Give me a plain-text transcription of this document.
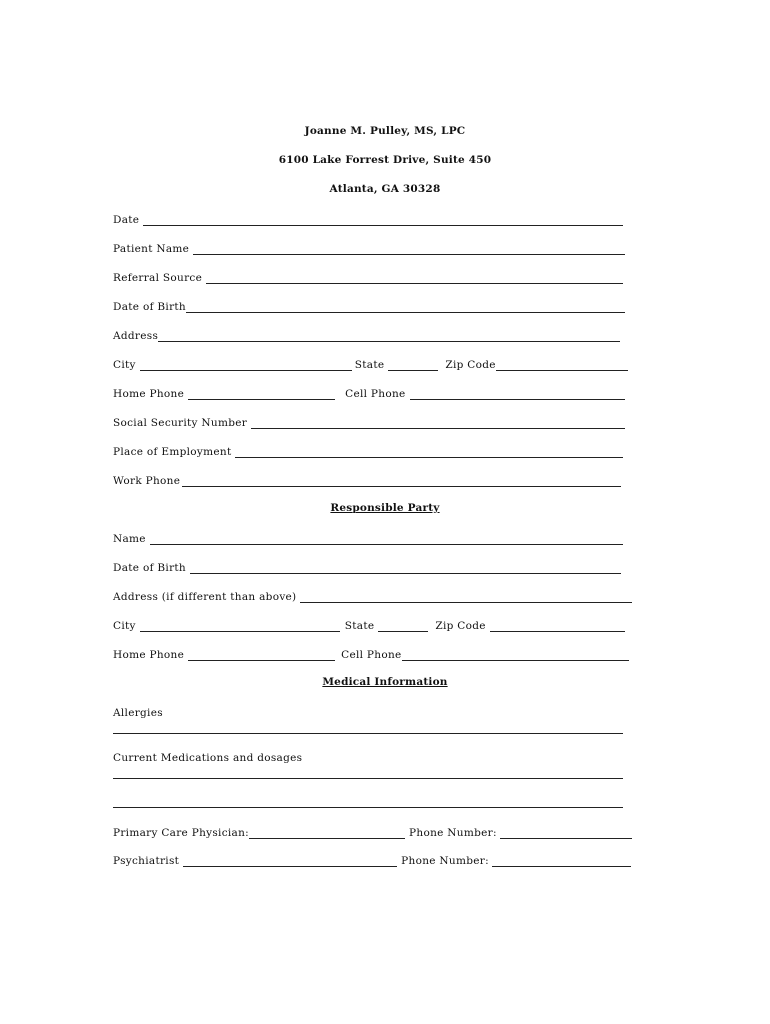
Joanne M. Pulley, MS, LPC
6100 Lake Forrest Drive, Suite 450
Atlanta, GA 30328
Date
Patient Name
Referral Source
Date of Birth
Address
City	State	Zip Code
Home Phone	Cell Phone
Social Security Number
Place of Employment
Work Phone
Responsible Party
Name
Date of Birth
Address (if different than above)
City	State	Zip Code
Home Phone	Cell Phone
Medical Information
Allergies
Current Medications and dosages
Primary Care Physician:	Phone Number:
Psychiatrist	Phone Number:
